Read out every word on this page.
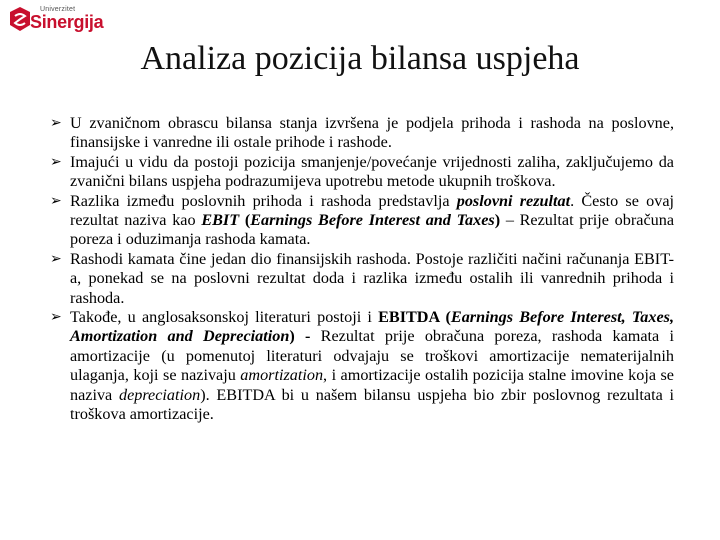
Univerzitet
Sinergija
Analiza pozicija bilansa uspjeha
➢ U zvaničnom obrascu bilansa stanja izvršena je podjela prihoda i rashoda na poslovne, finansijske i vanredne ili ostale prihode i rashode.
➢ Imajući u vidu da postoji pozicija smanjenje/povećanje vrijednosti zaliha, zaključujemo da zvanični bilans uspjeha podrazumijeva upotrebu metode ukupnih troškova.
➢ Razlika između poslovnih prihoda i rashoda predstavlja poslovni rezultat. Često se ovaj rezultat naziva kao EBIT (Earnings Before Interest and Taxes) – Rezultat prije obračuna poreza i oduzimanja rashoda kamata.
➢ Rashodi kamata čine jedan dio finansijskih rashoda. Postoje različiti načini računanja EBIT-a, ponekad se na poslovni rezultat doda i razlika između ostalih ili vanrednih prihoda i rashoda.
➢ Takođe, u anglosaksonskoj literaturi postoji i EBITDA (Earnings Before Interest, Taxes, Amortization and Depreciation) - Rezultat prije obračuna poreza, rashoda kamata i amortizacije (u pomenutoj literaturi odvajaju se troškovi amortizacije nematerijalnih ulaganja, koji se nazivaju amortization, i amortizacije ostalih pozicija stalne imovine koja se naziva depreciation). EBITDA bi u našem bilansu uspjeha bio zbir poslovnog rezultata i troškova amortizacije.
